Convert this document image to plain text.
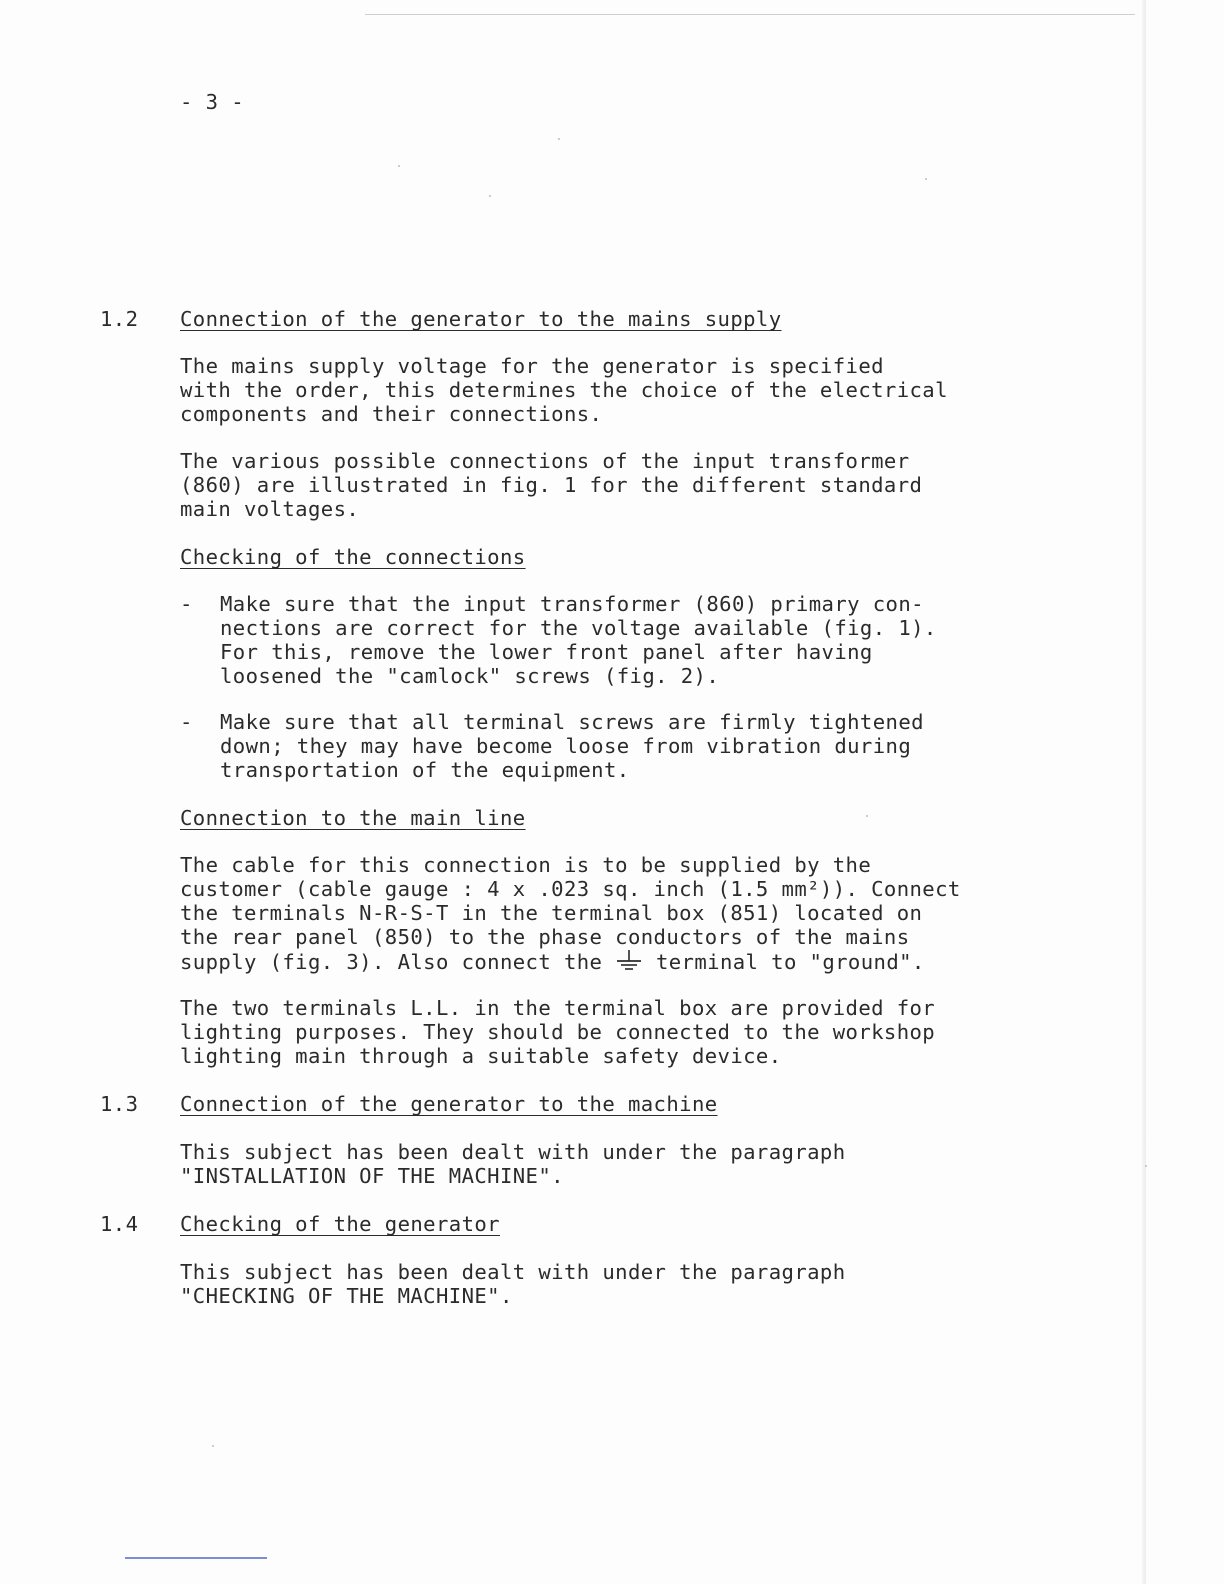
- 3 -
1.2 Connection of the generator to the mains supply
The mains supply voltage for the generator is specified
with the order, this determines the choice of the electrical
components and their connections.
The various possible connections of the input transformer
(860) are illustrated in fig. 1 for the different standard
main voltages.
Checking of the connections
- Make sure that the input transformer (860) primary con-
nections are correct for the voltage available (fig. 1).
For this, remove the lower front panel after having
loosened the "camlock" screws (fig. 2).
- Make sure that all terminal screws are firmly tightened
down; they may have become loose from vibration during
transportation of the equipment.
Connection to the main line
The cable for this connection is to be supplied by the
customer (cable gauge : 4 x .023 sq. inch (1.5 mm²)). Connect
the terminals N-R-S-T in the terminal box (851) located on
the rear panel (850) to the phase conductors of the mains
supply (fig. 3). Also connect the  terminal to "ground".
The two terminals L.L. in the terminal box are provided for
lighting purposes. They should be connected to the workshop
lighting main through a suitable safety device.
1.3 Connection of the generator to the machine
This subject has been dealt with under the paragraph
"INSTALLATION OF THE MACHINE".
1.4 Checking of the generator
This subject has been dealt with under the paragraph
"CHECKING OF THE MACHINE".
